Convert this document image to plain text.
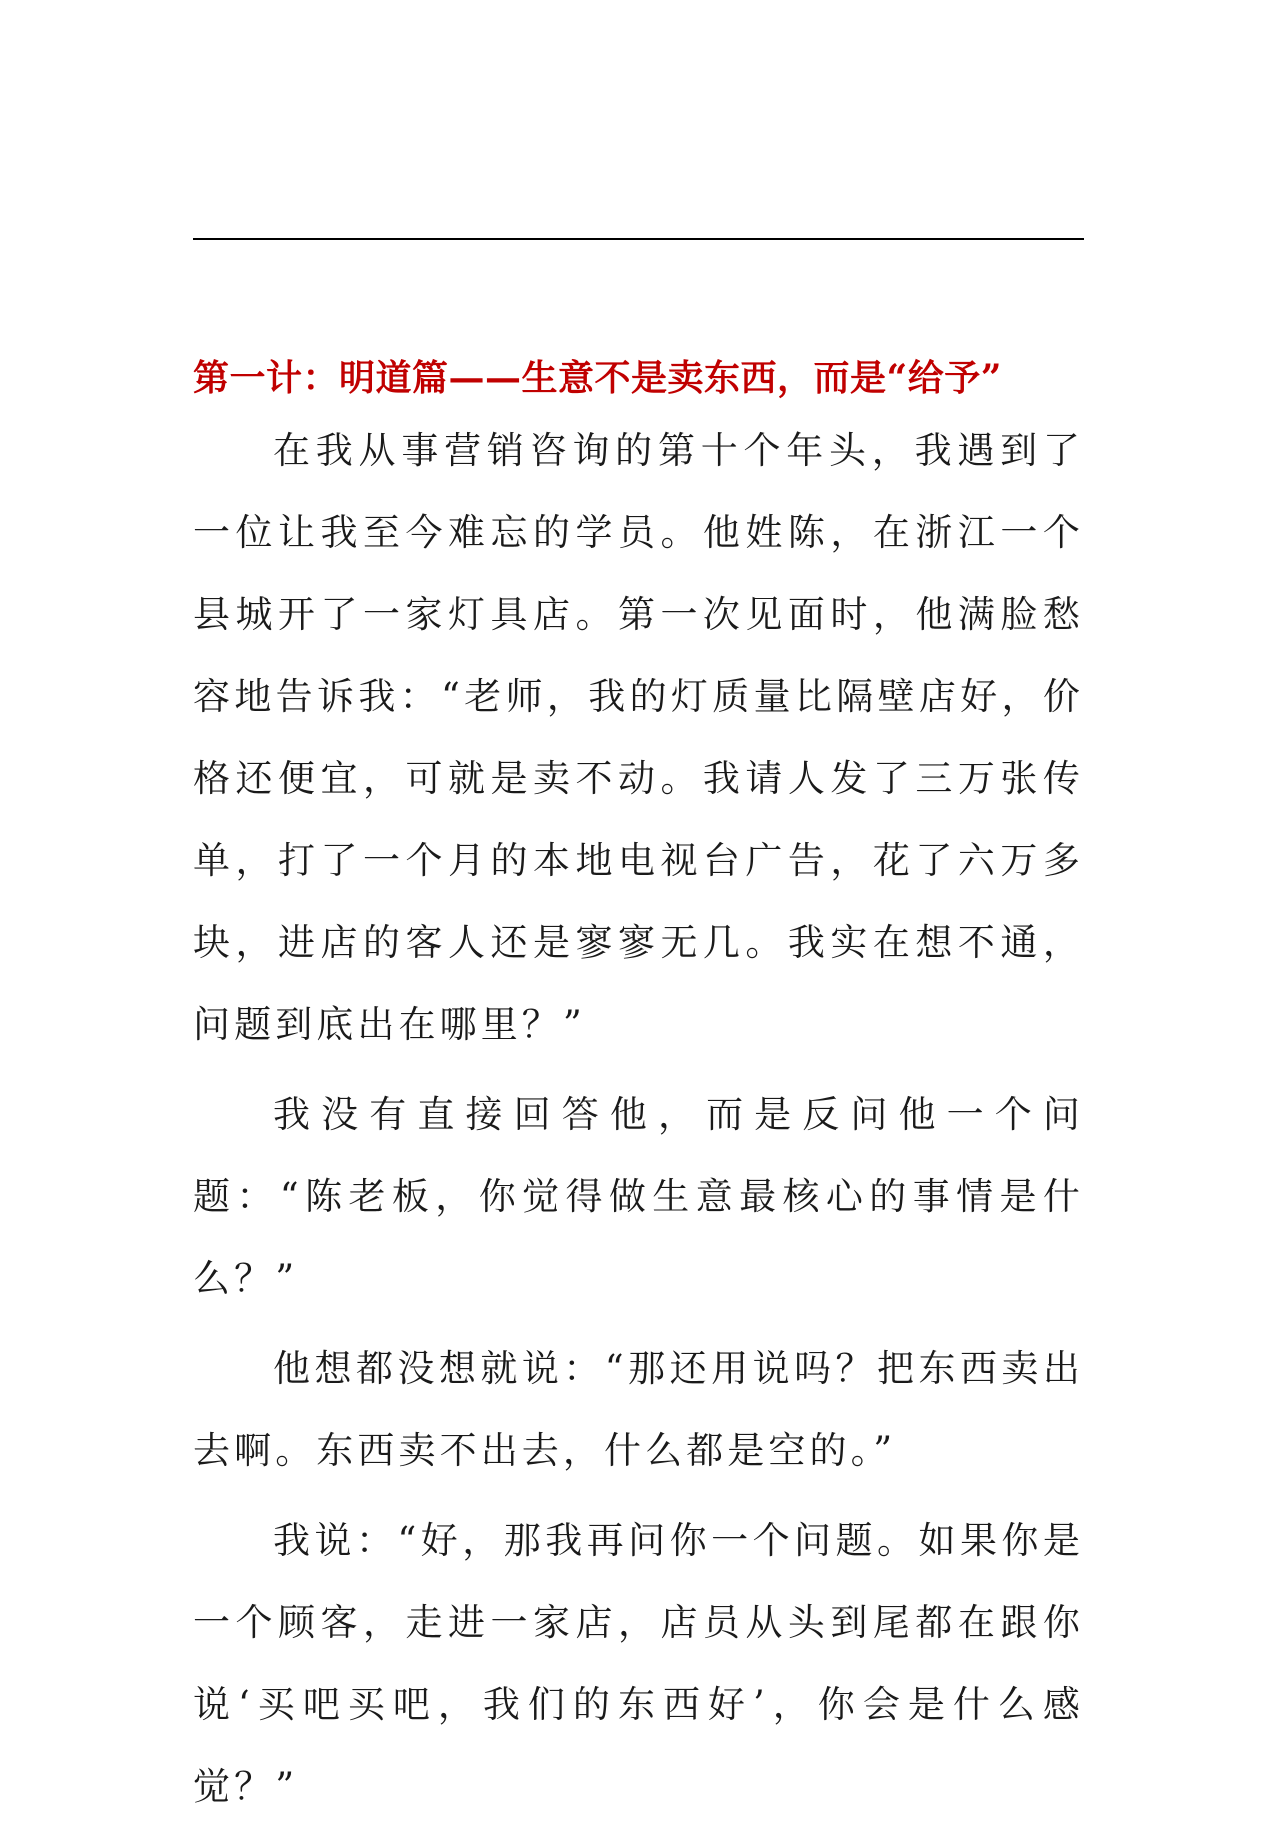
第一计：明道篇——生意不是卖东西，而是“给予”

在我从事营销咨询的第十个年头，我遇到了一位让我至今难忘的学员。他姓陈，在浙江一个县城开了一家灯具店。第一次见面时，他满脸愁容地告诉我：“老师，我的灯质量比隔壁店好，价格还便宜，可就是卖不动。我请人发了三万张传单，打了一个月的本地电视台广告，花了六万多块，进店的客人还是寥寥无几。我实在想不通，问题到底出在哪里？”

我没有直接回答他，而是反问他一个问题：“陈老板，你觉得做生意最核心的事情是什么？”

他想都没想就说：“那还用说吗？把东西卖出去啊。东西卖不出去，什么都是空的。”

我说：“好，那我再问你一个问题。如果你是一个顾客，走进一家店，店员从头到尾都在跟你说‘买吧买吧，我们的东西好’，你会是什么感觉？”
